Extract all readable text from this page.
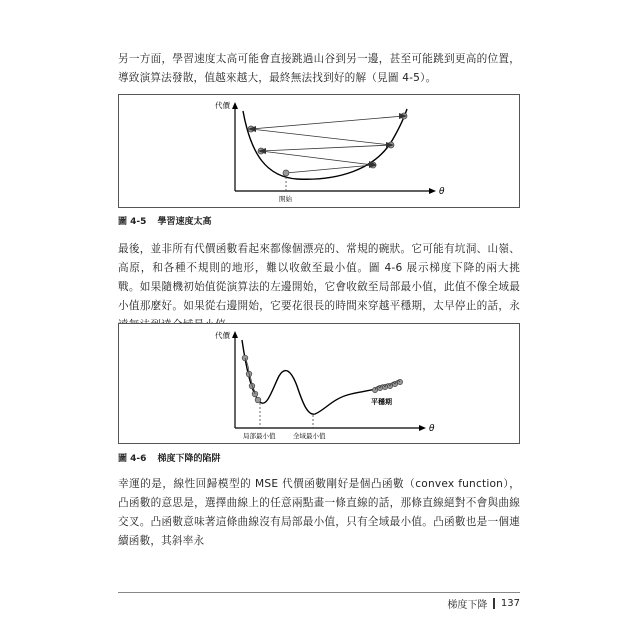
另一方面，學習速度太高可能會直接跳過山谷到另一邊，甚至可能跳到更高的位置，導致演算法發散，值越來越大，最終無法找到好的解（見圖 4-5）。

代價
θ
開始
圖 4-5 學習速度太高

最後，並非所有代價函數看起來都像個漂亮的、常規的碗狀。它可能有坑洞、山嶺、高原，和各種不規則的地形，難以收斂至最小值。圖 4-6 展示梯度下降的兩大挑戰。如果隨機初始值從演算法的左邊開始，它會收斂至局部最小值，此值不像全域最小值那麼好。如果從右邊開始，它要花很長的時間來穿越平穩期，太早停止的話，永

代價
θ
局部最小值	全域最小值
平穩期
圖 4-6 梯度下降的陷阱

幸運的是，線性回歸模型的 MSE 代價函數剛好是個凸函數（convex function），凸函數的意思是，選擇曲線上的任意兩點畫一條直線的話，那條直線絕對不會與曲線交叉。凸函數意味著這條曲線沒有局部最小值，只有全域最小值。凸函數也是一個連續函數，其斜率永

梯度下降 137
